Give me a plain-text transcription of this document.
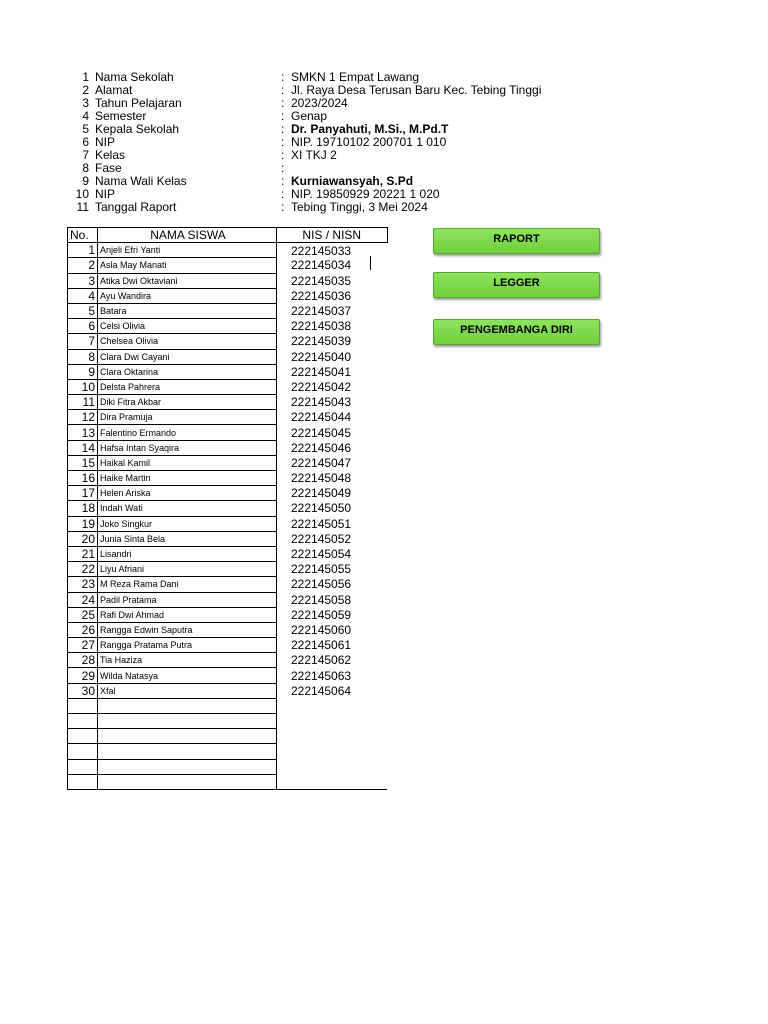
1 Nama Sekolah	: SMKN 1 Empat Lawang
2 Alamat	: Jl. Raya Desa Terusan Baru Kec. Tebing Tinggi
3 Tahun Pelajaran	: 2023/2024
4 Semester	: Genap
5 Kepala Sekolah	: Dr. Panyahuti, M.Si., M.Pd.T
6 NIP	: NIP. 19710102 200701 1 010
7 Kelas	: XI TKJ 2
8 Fase	:
9 Nama Wali Kelas	: Kurniawansyah, S.Pd
10 NIP	: NIP. 19850929 20221 1 020
11 Tanggal Raport	: Tebing Tinggi, 3 Mei 2024
No.	NAMA SISWA	NIS / NISN
1	Anjeli Efri Yanti	222145033
2	Asla May Manati	222145034
3	Atika Dwi Oktaviani	222145035
4	Ayu Wandira	222145036
5	Batara	222145037
6	Celsi Olivia	222145038
7	Chelsea Olivia	222145039
8	Clara Dwi Cayani	222145040
9	Clara Oktarina	222145041
10	Delsta Pahrera	222145042
11	Diki Fitra Akbar	222145043
12	Dira Pramuja	222145044
13	Falentino Ermando	222145045
14	Hafsa Intan Syaqira	222145046
15	Haikal Kamil	222145047
16	Haike Martin	222145048
17	Helen Ariska	222145049
18	Indah Wati	222145050
19	Joko Singkur	222145051
20	Junia Sinta Bela	222145052
21	Lisandri	222145054
22	Liyu Afriani	222145055
23	M Reza Rama Dani	222145056
24	Padil Pratama	222145058
25	Rafi Dwi Ahmad	222145059
26	Rangga Edwin Saputra	222145060
27	Rangga Pratama Putra	222145061
28	Tia Haziza	222145062
29	Wilda Natasya	222145063
30	Xfal	222145064

RAPORT
LEGGER
PENGEMBANGA DIRI
